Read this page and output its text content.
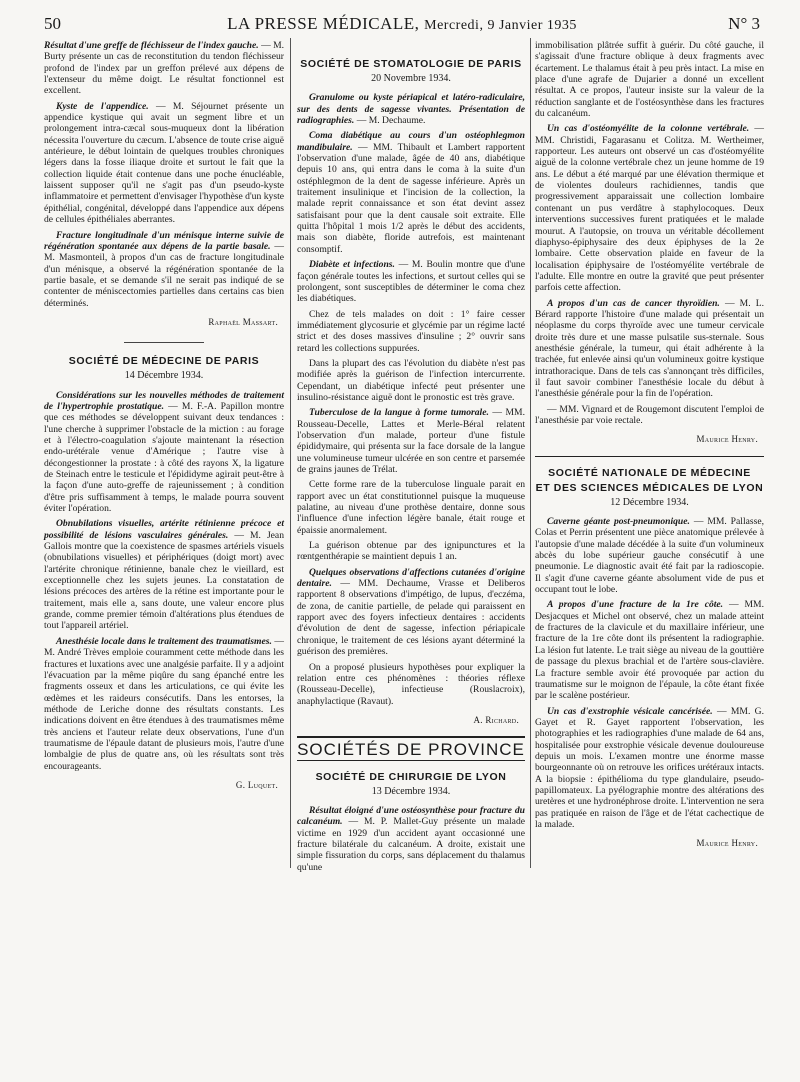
50	LA PRESSE MÉDICALE, Mercredi, 9 Janvier 1935	N° 3

Résultat d'une greffe de fléchisseur de l'index gauche. — M. Burty présente un cas de reconstitution du tendon fléchisseur profond de l'index par un greffon prélevé aux dépens de l'extenseur du même doigt. Le résultat fonctionnel est excellent.

Kyste de l'appendice. — M. Séjournet présente un appendice kystique qui avait un segment libre et un prolongement intra-cæcal sous-muqueux dont la libération nécessita l'ouverture du cæcum. L'absence de toute crise aiguë antérieure, le début lointain de quelques troubles chroniques légers dans la fosse iliaque droite et surtout le fait que la collection liquide était contenue dans une poche énucléable, laissent supposer qu'il ne s'agit pas d'un pseudo-kyste inflammatoire et permettent d'envisager l'hypothèse d'un kyste épithélial, congénital, développé dans l'appendice aux dépens de cellules épithéliales aberrantes.

Fracture longitudinale d'un ménisque interne suivie de régénération spontanée aux dépens de la partie basale. — M. Masmonteil, à propos d'un cas de fracture longitudinale d'un ménisque, a observé la régénération spontanée de la partie basale, et se demande s'il ne serait pas indiqué de se contenter de méniscectomies partielles dans certains cas bien déterminés.

Raphaël Massart.
SOCIÉTÉ DE MÉDECINE DE PARIS
14 Décembre 1934.

Considérations sur les nouvelles méthodes de traitement de l'hypertrophie prostatique. — M. F.-A. Papillon montre que ces méthodes se développent suivant deux tendances : l'une cherche à supprimer l'obstacle de la miction : au forage et à l'électro-coagulation s'ajoute maintenant la résection endo-urétérale venue d'Amérique ; l'autre vise à décongestionner la prostate : à côté des rayons X, la ligature de Steinach entre le testicule et l'épididyme agirait peut-être à la façon d'une auto-greffe de rajeunissement ; à condition d'être pris suffisamment à temps, le malade pourra souvent éviter l'opération.

Obnubilations visuelles, artérite rétinienne précoce et possibilité de lésions vasculaires générales. — M. Jean Gallois montre que la coexistence de spasmes artériels visuels (obnubilations visuelles) et périphériques (doigt mort) avec l'artérite chronique rétinienne, banale chez le vieillard, est exceptionnelle chez les sujets jeunes. La constatation de lésions précoces des artères de la rétine est importante pour le traitement, mais elle a, sans doute, une valeur encore plus grande, comme premier témoin d'altérations plus étendues de tout l'appareil artériel.

Anesthésie locale dans le traitement des traumatismes. — M. André Trèves emploie couramment cette méthode dans les fractures et luxations avec une analgésie parfaite. Il y a adjoint l'évacuation par la même piqûre du sang épanché entre les fragments osseux et dans les articulations, ce qui évite les œdèmes et les raideurs consécutifs. Dans les entorses, la méthode de Leriche donne des résultats constants. Les indications doivent en être étendues à des traumatismes même très anciens et l'auteur relate deux observations, l'une d'un traumatisme de l'épaule datant de plusieurs mois, l'autre d'une lombalgie de plus de quatre ans, où les résultats sont très encourageants.

G. Luquet.
SOCIÉTÉ DE STOMATOLOGIE DE PARIS
20 Novembre 1934.

Granulome ou kyste périapical et latéro-radiculaire, sur des dents de sagesse vivantes. Présentation de radiographies. — M. Dechaume.

Coma diabétique au cours d'un ostéophlegmon mandibulaire. — MM. Thibault et Lambert rapportent l'observation d'une malade, âgée de 40 ans, diabétique depuis 10 ans, qui entra dans le coma à la suite d'un ostéphlegmon de la dent de sagesse inférieure. Après un traitement insulinique et l'incision de la collection, la malade reprit connaissance et son état devint assez satisfaisant pour que la dent causale soit extraite. Elle quitta l'hôpital 1 mois 1/2 après le début des accidents, mais son diabète, floride autrefois, est maintenant consomptif.

Diabète et infections. — M. Boulin montre que d'une façon générale toutes les infections, et surtout celles qui se prolongent, sont susceptibles de déterminer le coma chez les diabétiques.

Chez de tels malades on doit : 1° faire cesser immédiatement glycosurie et glycémie par un régime lacté strict et des doses massives d'insuline ; 2° ouvrir sans retard les collections suppurées.

Dans la plupart des cas l'évolution du diabète n'est pas modifiée après la guérison de l'infection intercurrente. Cependant, un diabétique infecté peut présenter une insulino-résistance aiguë dont le pronostic est très grave.

Tuberculose de la langue à forme tumorale. — MM. Rousseau-Decelle, Lattes et Merle-Béral relatent l'observation d'un malade, porteur d'une fistule épididymaire, qui présenta sur la face dorsale de la langue une volumineuse tumeur ulcérée en son centre et parsemée de grains jaunes de Trélat.

Cette forme rare de la tuberculose linguale parait en rapport avec un état constitutionnel puisque la muqueuse palatine, au niveau d'une prothèse dentaire, donne sous l'influence d'une infection légère banale, était rouge et épaissie anormalement.

La guérison obtenue par des ignipunctures et la rœntgenthérapie se maintient depuis 1 an.

Quelques observations d'affections cutanées d'origine dentaire. — MM. Dechaume, Vrasse et Deliberos rapportent 8 observations d'impétigo, de lupus, d'eczéma, de zona, de canitie partielle, de pelade qui paraissent en rapport avec des foyers infectieux dentaires : accidents d'évolution de dent de sagesse, infection périapicale chronique, le traitement de ces lésions ayant déterminé la guérison des premières.

On a proposé plusieurs hypothèses pour expliquer la relation entre ces phénomènes : théories réflexe (Rousseau-Decelle), infectieuse (Rouslacroix), anaphylactique (Ravaut).

A. Richard.
SOCIÉTÉS DE PROVINCE
SOCIÉTÉ DE CHIRURGIE DE LYON
13 Décembre 1934.

Résultat éloigné d'une ostéosynthèse pour fracture du calcanéum. — M. P. Mallet-Guy présente un malade victime en 1929 d'un accident ayant occasionné une fracture bilatérale du calcanéum. A droite, existait une simple fissuration du corps, sans déplacement du thalamus qu'une

immobilisation plâtrée suffit à guérir. Du côté gauche, il s'agissait d'une fracture oblique à deux fragments avec écartement. Le thalamus était à peu près intact. La mise en place d'une agrafe de Dujarier a donné un excellent résultat. A ce propos, l'auteur insiste sur la valeur de la réduction sanglante et de l'ostéosynthèse dans les fractures du calcanéum.

Un cas d'ostéomyélite de la colonne vertébrale. — MM. Christidi, Fagarasanu et Colitza. M. Wertheimer, rapporteur. Les auteurs ont observé un cas d'ostéomyélite aiguë de la colonne vertébrale chez un jeune homme de 19 ans. Le début a été marqué par une élévation thermique et de violentes douleurs rachidiennes, tandis que progressivement apparaissait une collection lombaire contenant un pus verdâtre à staphylocoques. Deux interventions successives furent pratiquées et le malade mourut. A l'autopsie, on trouva un véritable décollement diaphyso-épiphysaire des deux épiphyses de la 2e lombaire. Cette observation plaide en faveur de la localisation épiphysaire de l'ostéomyélite vertébrale de l'adulte. Elle montre en outre la gravité que peut présenter parfois cette affection.

A propos d'un cas de cancer thyroïdien. — M. L. Bérard rapporte l'histoire d'une malade qui présentait un néoplasme du corps thyroïde avec une tumeur cervicale droite très dure et une masse pulsatile sus-sternale. Sous anesthésie générale, la tumeur, qui était adhérente à la trachée, fut enlevée ainsi qu'un volumineux goitre kystique intrathoracique. Dans de tels cas s'annonçant très difficiles, il faut savoir combiner l'anesthésie locale du début à l'anesthésie générale pour la fin de l'opération.

— MM. Vignard et de Rougemont discutent l'emploi de l'anesthésie par voie rectale.

Maurice Henry.
SOCIÉTÉ NATIONALE DE MÉDECINE
ET DES SCIENCES MÉDICALES DE LYON
12 Décembre 1934.

Caverne géante post-pneumonique. — MM. Pallasse, Colas et Perrin présentent une pièce anatomique prélevée à l'autopsie d'une malade décédée à la suite d'un volumineux abcès du lobe supérieur gauche consécutif à une pneumonie. Le diagnostic avait été fait par la radioscopie. Il s'agit d'une caverne géante absolument vide de pus et occupant tout le lobe.

A propos d'une fracture de la 1re côte. — MM. Desjacques et Michel ont observé, chez un malade atteint de fractures de la clavicule et du maxillaire inférieur, une fracture de la 1re côte dont ils présentent la radiographie. La lésion fut latente. Le trait siège au niveau de la gouttière de passage du plexus brachial et de l'artère sous-clavière. La fracture semble avoir été provoquée par action du traumatisme sur le moignon de l'épaule, la côte étant fixée par le scalène postérieur.

Un cas d'exstrophie vésicale cancérisée. — MM. G. Gayet et R. Gayet rapportent l'observation, les photographies et les radiographies d'une malade de 64 ans, hospitalisée pour exstrophie vésicale devenue douloureuse depuis un mois. L'examen montre une énorme masse bourgeonnante où on retrouve les orifices urétéraux intacts. A la biopsie : épithélioma du type glandulaire, pseudo-papillomateux. La pyélographie montre des altérations des uretères et une hydronéphrose droite. L'intervention ne sera pas pratiquée en raison de l'âge et de l'état cachectique de la malade.

Maurice Henry.
